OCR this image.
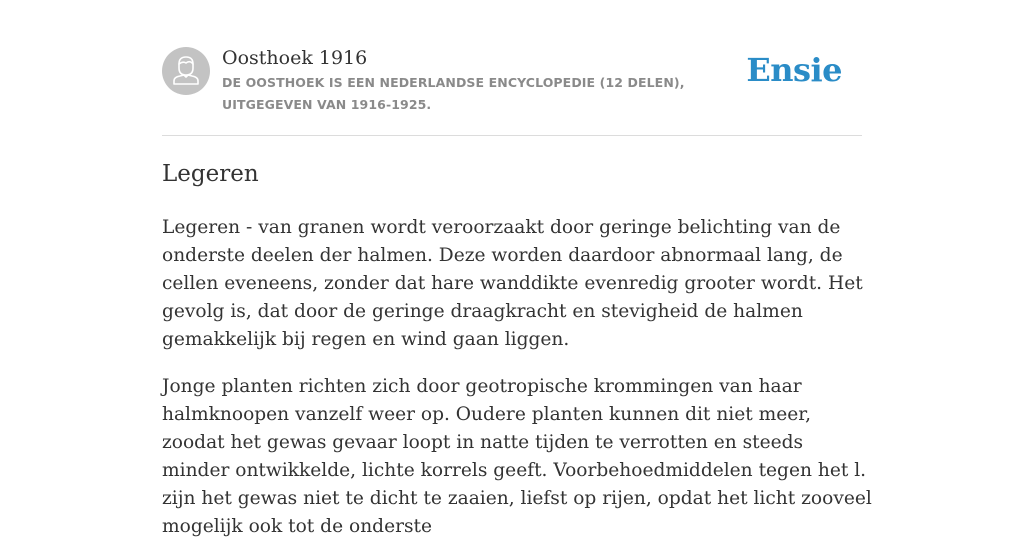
Oosthoek 1916

DE OOSTHOEK IS EEN NEDERLANDSE ENCYCLOPEDIE (12 DELEN), UITGEGEVEN VAN 1916-1925.

Ensie
Legeren

Legeren - van granen wordt veroorzaakt door geringe belichting van de onderste deelen der halmen. Deze worden daardoor abnormaal lang, de cellen eveneens, zonder dat hare wanddikte evenredig grooter wordt. Het gevolg is, dat door de geringe draagkracht en stevigheid de halmen gemakkelijk bij regen en wind gaan liggen.

Jonge planten richten zich door geotropische krommingen van haar halmknoopen vanzelf weer op. Oudere planten kunnen dit niet meer, zoodat het gewas gevaar loopt in natte tijden te verrotten en steeds minder ontwikkelde, lichte korrels geeft. Voorbehoedmiddelen tegen het l. zijn het gewas niet te dicht te zaaien, liefst op rijen, opdat het licht zooveel mogelijk ook tot de onderste
